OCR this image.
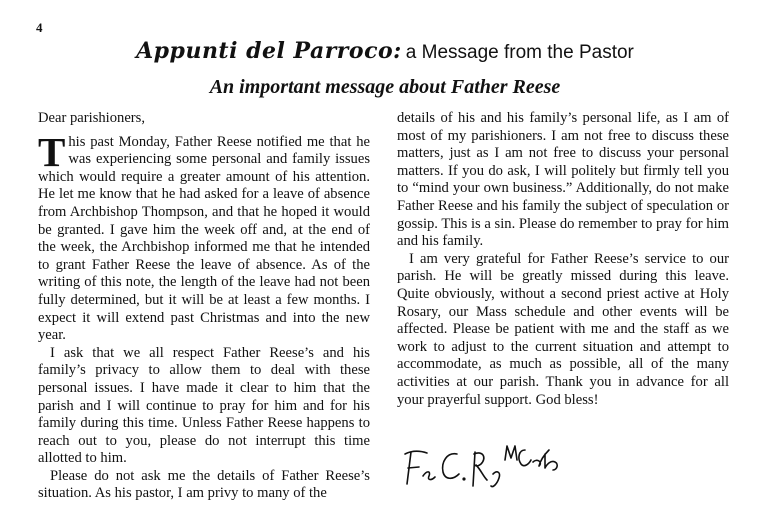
4
Appunti del Parroco: a Message from the Pastor
An important message about Father Reese
Dear parishioners,

This past Monday, Father Reese notified me that he was experiencing some personal and family issues which would require a greater amount of his attention. He let me know that he had asked for a leave of absence from Archbishop Thompson, and that he hoped it would be granted. I gave him the week off and, at the end of the week, the Archbishop informed me that he intended to grant Father Reese the leave of absence. As of the writing of this note, the length of the leave had not been fully determined, but it will be at least a few months. I expect it will extend past Christmas and into the new year.

I ask that we all respect Father Reese’s and his family’s privacy to allow them to deal with these personal issues. I have made it clear to him that the parish and I will continue to pray for him and for his family during this time. Unless Father Reese happens to reach out to you, please do not interrupt this time allotted to him.

Please do not ask me the details of Father Reese’s situation. As his pastor, I am privy to many of the

details of his and his family’s personal life, as I am of most of my parishioners. I am not free to discuss these matters, just as I am not free to discuss your personal matters. If you do ask, I will politely but firmly tell you to “mind your own business.” Additionally, do not make Father Reese and his family the subject of speculation or gossip. This is a sin. Please do remember to pray for him and his family.

I am very grateful for Father Reese’s service to our parish. He will be greatly missed during this leave. Quite obviously, without a second priest active at Holy Rosary, our Mass schedule and other events will be affected. Please be patient with me and the staff as we work to adjust to the current situation and attempt to accommodate, as much as possible, all of the many activities at our parish. Thank you in advance for all your prayerful support. God bless!
